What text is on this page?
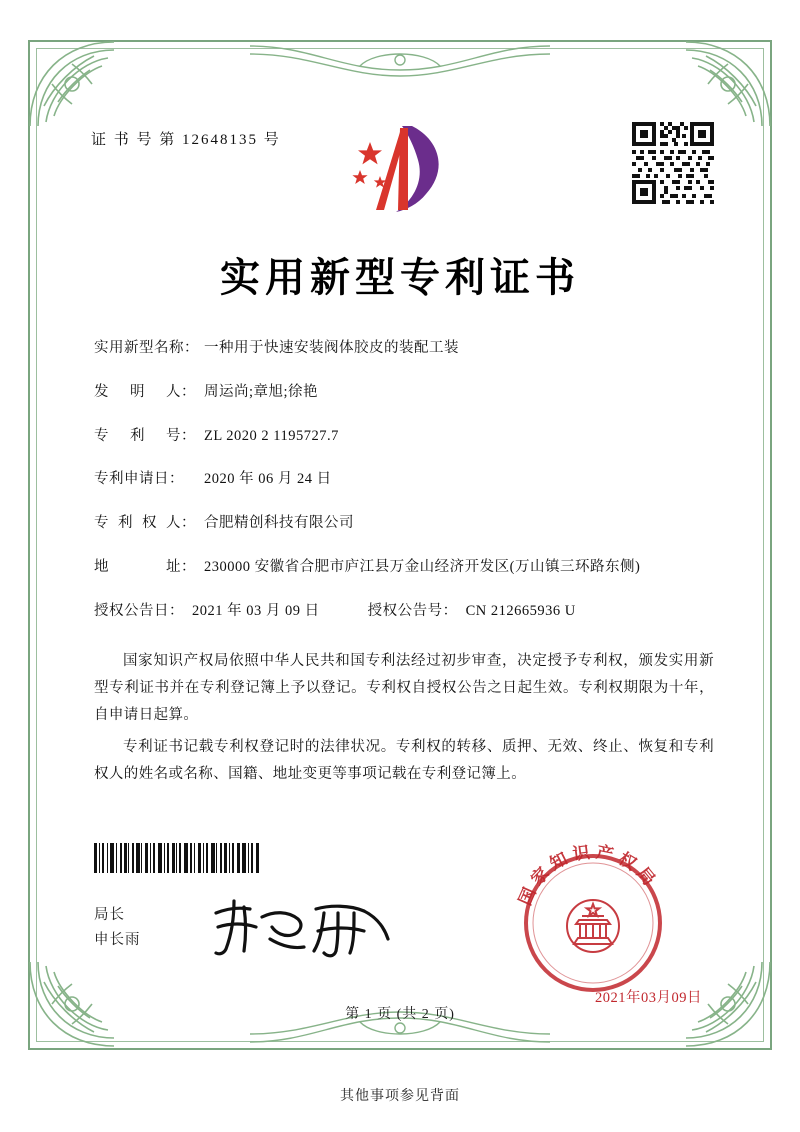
证 书 号 第 12648135 号
实用新型专利证书
实用新型名称： 一种用于快速安装阀体胶皮的装配工装
发 明 人： 周运尚;章旭;徐艳
专 利 号： ZL 2020 2 1195727.7
专利申请日：	2020 年 06 月 24 日
专 利 权 人： 合肥精创科技有限公司
地	址： 230000 安徽省合肥市庐江县万金山经济开发区(万山镇三环路东侧)
授权公告日： 2021 年 03 月 09 日	授权公告号： CN 212665936 U

国家知识产权局依照中华人民共和国专利法经过初步审查，决定授予专利权，颁发实用新型专利证书并在专利登记簿上予以登记。专利权自授权公告之日起生效。专利权期限为十年，自申请日起算。

专利证书记载专利权登记时的法律状况。专利权的转移、质押、无效、终止、恢复和专利权人的姓名或名称、国籍、地址变更等事项记载在专利登记簿上。

局长
申长雨
国家知识产权局
2021年03月09日
第 1 页 (共 2 页)
其他事项参见背面
